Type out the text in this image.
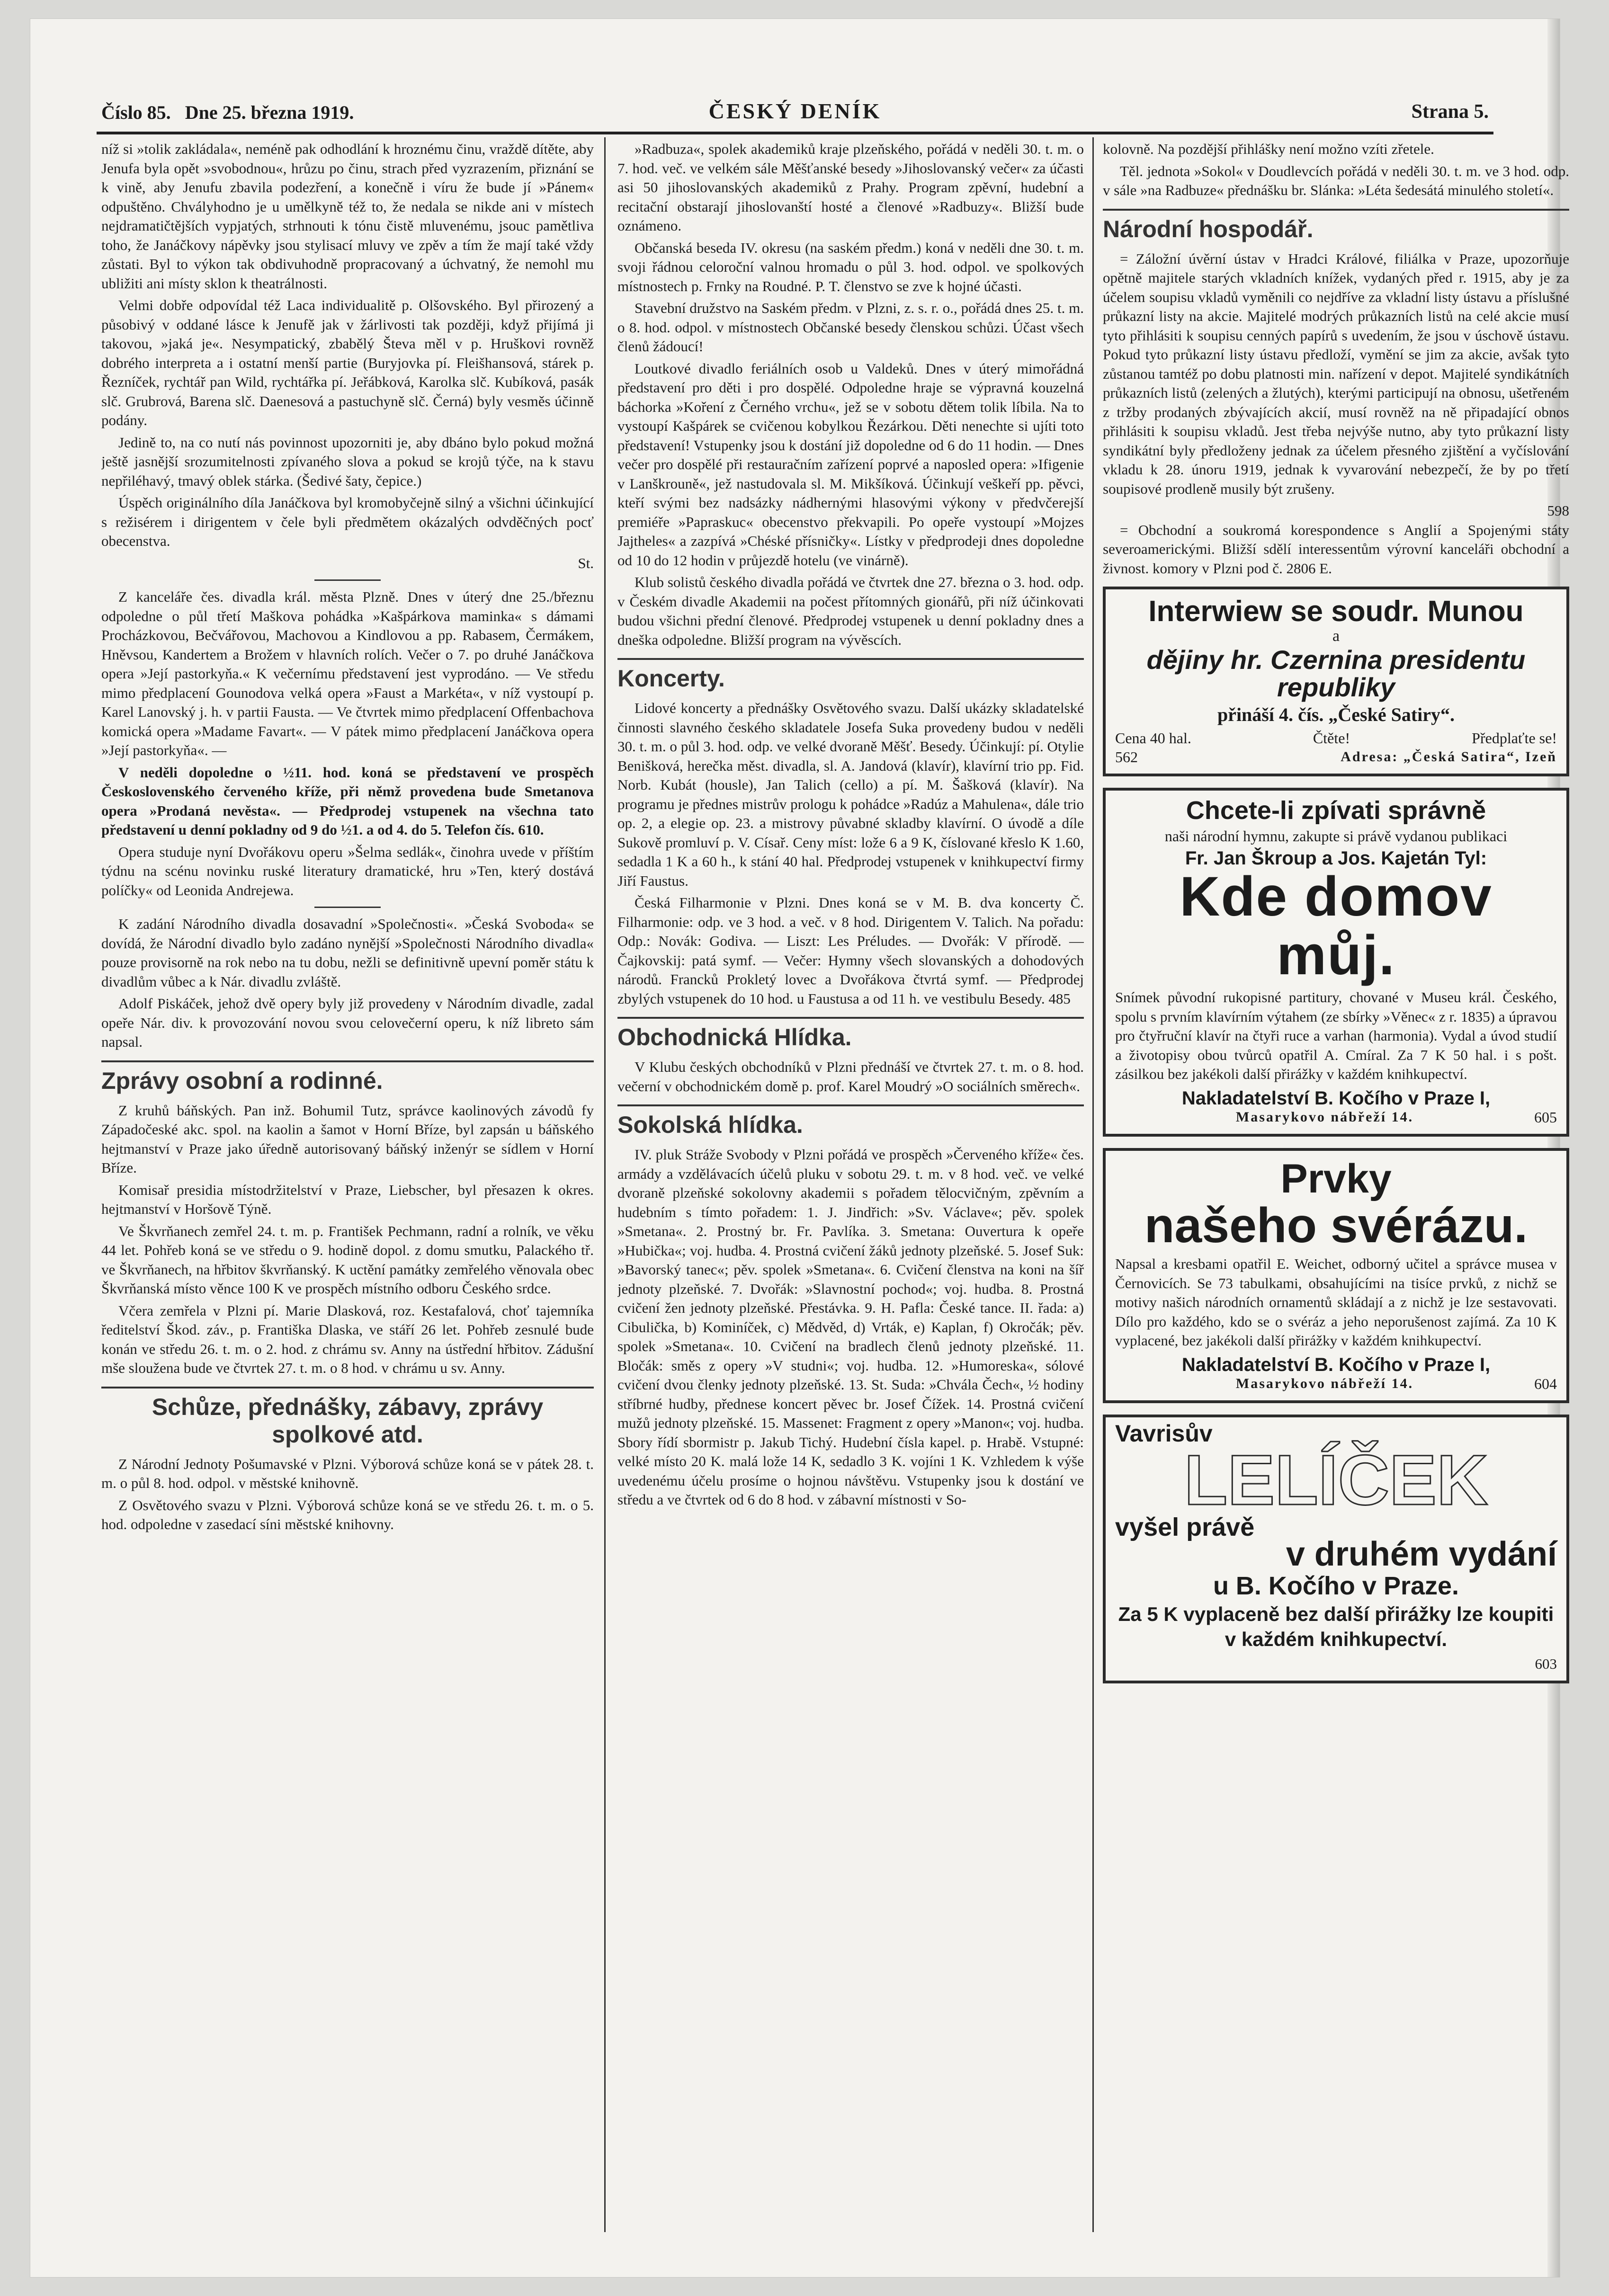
Číslo 85. Dne 25. března 1919.	ČESKÝ DENÍK	Strana 5.

níž si »tolik zakládala«, neméně pak odhodlání k hroznému činu, vraždě dítěte, aby Jenufa byla opět »svobodnou«, hrůzu po činu, strach před vyzrazením, přiznání se k vině, aby Jenufu zbavila podezření, a konečně i víru že bude jí »Pánem« odpuštěno. Chvályhodno je u umělkyně též to, že nedala se nikde ani v místech nejdramatičtějších vypjatých, strhnouti k tónu čistě mluvenému, jsouc pamětliva toho, že Janáčkovy nápěvky jsou stylisací mluvy ve zpěv a tím že mají také vždy zůstati. Byl to výkon tak obdivuhodně propracovaný a úchvatný, že nemohl mu ubližiti ani místy sklon k theatrálnosti.

Velmi dobře odpovídal též Laca individualitě p. Olšovského. Byl přirozený a působivý v oddané lásce k Jenufě jak v žárlivosti tak později, když přijímá ji takovou, »jaká je«. Nesympatický, zbabělý Števa měl v p. Hruškovi rovněž dobrého interpreta a i ostatní menší partie (Buryjovka pí. Fleišhansová, stárek p. Řezníček, rychtář pan Wild, rychtářka pí. Jeřábková, Karolka slč. Kubíková, pasák slč. Grubrová, Barena slč. Daenesová a pastuchyně slč. Černá) byly vesměs účinně podány.

Jedině to, na co nutí nás povinnost upozorniti je, aby dbáno bylo pokud možná ještě jasnější srozumitelnosti zpívaného slova a pokud se krojů týče, na k stavu nepřiléhavý, tmavý oblek stárka. (Šedivé šaty, čepice.)

Úspěch originálního díla Janáčkova byl kromobyčejně silný a všichni účinkující s režisérem i dirigentem v čele byli předmětem okázalých odvděčných pocť obecenstva.

St.

Z kanceláře čes. divadla král. města Plzně. Dnes v úterý dne 25./březnu odpoledne o půl třetí Maškova pohádka »Kašpárkova maminka« s dámami Procházkovou, Bečvářovou, Machovou a Kindlovou a pp. Rabasem, Čermákem, Hněvsou, Kandertem a Brožem v hlavních rolích. Večer o 7. po druhé Janáčkova opera »Její pastorkyňa.« K večernímu představení jest vyprodáno. — Ve středu mimo předplacení Gounodova velká opera »Faust a Markéta«, v níž vystoupí p. Karel Lanovský j. h. v partii Fausta. — Ve čtvrtek mimo předplacení Offenbachova komická opera »Madame Favart«. — V pátek mimo předplacení Janáčkova opera »Její pastorkyňa«. —

V neděli dopoledne o ½11. hod. koná se představení ve prospěch Československého červeného kříže, při němž provedena bude Smetanova opera »Prodaná nevěsta«. — Předprodej vstupenek na všechna tato představení u denní pokladny od 9 do ½1. a od 4. do 5. Telefon čís. 610.

Opera studuje nyní Dvořákovu operu »Šelma sedlák«, činohra uvede v příštím týdnu na scénu novinku ruské literatury dramatické, hru »Ten, který dostává políčky« od Leonida Andrejewa.

K zadání Národního divadla dosavadní »Společnosti«. »Česká Svoboda« se dovídá, že Národní divadlo bylo zadáno nynější »Společnosti Národního divadla« pouze provisorně na rok nebo na tu dobu, nežli se definitivně upevní poměr státu k divadlům vůbec a k Nár. divadlu zvláště.

Adolf Piskáček, jehož dvě opery byly již provedeny v Národním divadle, zadal opeře Nár. div. k provozování novou svou celovečerní operu, k níž libreto sám napsal.

Zprávy osobní a rodinné.

Z kruhů báňských. Pan inž. Bohumil Tutz, správce kaolinových závodů fy Západočeské akc. spol. na kaolin a šamot v Horní Bříze, byl zapsán u báňského hejtmanství v Praze jako úředně autorisovaný báňský inženýr se sídlem v Horní Bříze.

Komisař presidia místodržitelství v Praze, Liebscher, byl přesazen k okres. hejtmanství v Horšově Týně.

Ve Škvrňanech zemřel 24. t. m. p. František Pechmann, radní a rolník, ve věku 44 let. Pohřeb koná se ve středu o 9. hodině dopol. z domu smutku, Palackého tř. ve Škvrňanech, na hřbitov škvrňanský. K uctění památky zemřelého věnovala obec Škvrňanská místo věnce 100 K ve prospěch místního odboru Českého srdce.

Včera zemřela v Plzni pí. Marie Dlasková, roz. Kestafalová, choť tajemníka ředitelství Škod. záv., p. Františka Dlaska, ve stáří 26 let. Pohřeb zesnulé bude konán ve středu 26. t. m. o 2. hod. z chrámu sv. Anny na ústřední hřbitov. Zádušní mše sloužena bude ve čtvrtek 27. t. m. o 8 hod. v chrámu u sv. Anny.

Schůze, přednášky, zábavy, zprávy spolkové atd.

Z Národní Jednoty Pošumavské v Plzni. Výborová schůze koná se v pátek 28. t. m. o půl 8. hod. odpol. v městské knihovně.

Z Osvětového svazu v Plzni. Výborová schůze koná se ve středu 26. t. m. o 5. hod. odpoledne v zasedací síni městské knihovny.

»Radbuza«, spolek akademiků kraje plzeňského, pořádá v neděli 30. t. m. o 7. hod. več. ve velkém sále Měšťanské besedy »Jihoslovanský večer« za účasti asi 50 jihoslovanských akademiků z Prahy. Program zpěvní, hudební a recitační obstarají jihoslovanští hosté a členové »Radbuzy«. Bližší bude oznámeno.

Občanská beseda IV. okresu (na saském předm.) koná v neděli dne 30. t. m. svoji řádnou celoroční valnou hromadu o půl 3. hod. odpol. ve spolkových místnostech p. Frnky na Roudné. P. T. členstvo se zve k hojné účasti.

Stavební družstvo na Saském předm. v Plzni, z. s. r. o., pořádá dnes 25. t. m. o 8. hod. odpol. v místnostech Občanské besedy členskou schůzi. Účast všech členů žádoucí!

Loutkové divadlo feriálních osob u Valdeků. Dnes v úterý mimořádná představení pro děti i pro dospělé. Odpoledne hraje se výpravná kouzelná báchorka »Koření z Černého vrchu«, jež se v sobotu dětem tolik líbila. Na to vystoupí Kašpárek se cvičenou kobylkou Řezárkou. Děti nenechte si ujíti toto představení! Vstupenky jsou k dostání již dopoledne od 6 do 11 hodin. — Dnes večer pro dospělé při restauračním zařízení poprvé a naposled opera: »Ifigenie v Lanškrouně«, jež nastudovala sl. M. Mikšíková. Účinkují veškeří pp. pěvci, kteří svými bez nadsázky nádhernými hlasovými výkony v předvčerejší premiéře »Papraskuc« obecenstvo překvapili. Po opeře vystoupí »Mojzes Jajtheles« a zazpívá »Chéské přísničky«. Lístky v předprodeji dnes dopoledne od 10 do 12 hodin v průjezdě hotelu (ve vinárně).

Klub solistů českého divadla pořádá ve čtvrtek dne 27. března o 3. hod. odp. v Českém divadle Akademii na počest přítomných gionářů, při níž účinkovati budou všichni přední členové. Předprodej vstupenek u denní pokladny dnes a dneška odpoledne. Bližší program na vývěscích.

Koncerty.

Lidové koncerty a přednášky Osvětového svazu. Další ukázky skladatelské činnosti slavného českého skladatele Josefa Suka provedeny budou v neděli 30. t. m. o půl 3. hod. odp. ve velké dvoraně Měšť. Besedy. Účinkují: pí. Otylie Benišková, herečka měst. divadla, sl. A. Jandová (klavír), klavírní trio pp. Fid. Norb. Kubát (housle), Jan Talich (cello) a pí. M. Šašková (klavír). Na programu je přednes mistrův prologu k pohádce »Radúz a Mahulena«, dále trio op. 2, a elegie op. 23. a mistrovy půvabné skladby klavírní. O úvodě a díle Sukově promluví p. V. Císař. Ceny míst: lože 6 a 9 K, číslované křeslo K 1.60, sedadla 1 K a 60 h., k stání 40 hal. Předprodej vstupenek v knihkupectví firmy Jiří Faustus.

Česká Filharmonie v Plzni. Dnes koná se v M. B. dva koncerty Č. Filharmonie: odp. ve 3 hod. a več. v 8 hod. Dirigentem V. Talich. Na pořadu: Odp.: Novák: Godiva. — Liszt: Les Préludes. — Dvořák: V přírodě. — Čajkovskij: patá symf. — Večer: Hymny všech slovanských a dohodových národů. Francků Prokletý lovec a Dvořákova čtvrtá symf. — Předprodej zbylých vstupenek do 10 hod. u Faustusa a od 11 h. ve vestibulu Besedy. 485

Obchodnická Hlídka.

V Klubu českých obchodníků v Plzni přednáší ve čtvrtek 27. t. m. o 8. hod. večerní v obchodnickém domě p. prof. Karel Moudrý »O sociálních směrech«.

Sokolská hlídka.

IV. pluk Stráže Svobody v Plzni pořádá ve prospěch »Červeného kříže« čes. armády a vzdělávacích účelů pluku v sobotu 29. t. m. v 8 hod. več. ve velké dvoraně plzeňské sokolovny akademii s pořadem tělocvičným, zpěvním a hudebním s tímto pořadem: 1. J. Jindřich: »Sv. Václave«; pěv. spolek »Smetana«. 2. Prostný br. Fr. Pavlíka. 3. Smetana: Ouvertura k opeře »Hubička«; voj. hudba. 4. Prostná cvičení žáků jednoty plzeňské. 5. Josef Suk: »Bavorský tanec«; pěv. spolek »Smetana«. 6. Cvičení členstva na koni na šíř jednoty plzeňské. 7. Dvořák: »Slavnostní pochod«; voj. hudba. 8. Prostná cvičení žen jednoty plzeňské. Přestávka. 9. H. Pafla: České tance. II. řada: a) Cibulička, b) Kominíček, c) Mědvěd, d) Vrták, e) Kaplan, f) Okročák; pěv. spolek »Smetana«. 10. Cvičení na bradlech členů jednoty plzeňské. 11. Bločák: směs z opery »V studni«; voj. hudba. 12. »Humoreska«, sólové cvičení dvou členky jednoty plzeňské. 13. St. Suda: »Chvála Čech«, ½ hodiny stříbrné hudby, přednese koncert pěvec br. Josef Čížek. 14. Prostná cvičení mužů jednoty plzeňské. 15. Massenet: Fragment z opery »Manon«; voj. hudba. Sbory řídí sbormistr p. Jakub Tichý. Hudební čísla kapel. p. Hrabě. Vstupné: velké místo 20 K. malá lože 14 K, sedadlo 3 K. vojíni 1 K. Vzhledem k výše uvedenému účelu prosíme o hojnou návštěvu. Vstupenky jsou k dostání ve středu a ve čtvrtek od 6 do 8 hod. v zábavní místnosti v So-

kolovně. Na pozdější přihlášky není možno vzíti zřetele.

Těl. jednota »Sokol« v Doudlevcích pořádá v neděli 30. t. m. ve 3 hod. odp. v sále »na Radbuze« přednášku br. Slánka: »Léta šedesátá minulého století«.

Národní hospodář.

= Záložní úvěrní ústav v Hradci Králové, filiálka v Praze, upozorňuje opětně majitele starých vkladních knížek, vydaných před r. 1915, aby je za účelem soupisu vkladů vyměnili co nejdříve za vkladní listy ústavu a příslušné průkazní listy na akcie. Majitelé modrých průkazních listů na celé akcie musí tyto přihlásiti k soupisu cenných papírů s uvedením, že jsou v úschově ústavu. Pokud tyto průkazní listy ústavu předloží, vymění se jim za akcie, avšak tyto zůstanou tamtéž po dobu platnosti min. nařízení v depot. Majitelé syndikátních průkazních listů (zelených a žlutých), kterými participují na obnosu, ušetřeném z tržby prodaných zbývajících akcií, musí rovněž na ně připadající obnos přihlásiti k soupisu vkladů. Jest třeba nejvýše nutno, aby tyto průkazní listy syndikátní byly předloženy jednak za účelem přesného zjištění a vyčíslování vkladu k 28. únoru 1919, jednak k vyvarování nebezpečí, že by po třetí soupisové prodleně musily být zrušeny.

598

= Obchodní a soukromá korespondence s Anglií a Spojenými státy severoamerickými. Bližší sdělí interessentům výrovní kanceláři obchodní a živnost. komory v Plzni pod č. 2806 E.

Interwiew se soudr. Munou
a
dějiny hr. Czernina presidentu republiky
přináší 4. čís. „České Satiry“.
Cena 40 hal.	Čtěte!	Předplaťte se!
562	Adresa: „Česká Satira“, Izeň
Chcete-li zpívati správně

naši národní hymnu, zakupte si právě vydanou publikaci

Fr. Jan Škroup a Jos. Kajetán Tyl:
Kde domov můj.

Snímek původní rukopisné partitury, chované v Museu král. Českého, spolu s prvním klavírním výtahem (ze sbírky »Věnec« z r. 1835) a úpravou pro čtyřruční klavír na čtyři ruce a varhan (harmonia). Vydal a úvod studií a životopisy obou tvůrců opatřil A. Cmíral. Za 7 K 50 hal. i s pošt. zásilkou bez jakékoli další přirážky v každém knihkupectví.

Nakladatelství B. Kočího v Praze I,
Masarykovo nábřeží 14.	605
Prvky
našeho svérázu.

Napsal a kresbami opatřil E. Weichet, odborný učitel a správce musea v Černovicích. Se 73 tabulkami, obsahujícími na tisíce prvků, z nichž se motivy našich národních ornamentů skládají a z nichž je lze sestavovati. Dílo pro každého, kdo se o svéráz a jeho neporušenost zajímá. Za 10 K vyplacené, bez jakékoli další přirážky v každém knihkupectví.

Nakladatelství B. Kočího v Praze I,
Masarykovo nábřeží 14.	604
Vavrisův
LELÍČEK
vyšel právě
v druhém vydání
u B. Kočího v Praze.

Za 5 K vyplaceně bez další přirážky lze koupiti v každém knihkupectví.

603
